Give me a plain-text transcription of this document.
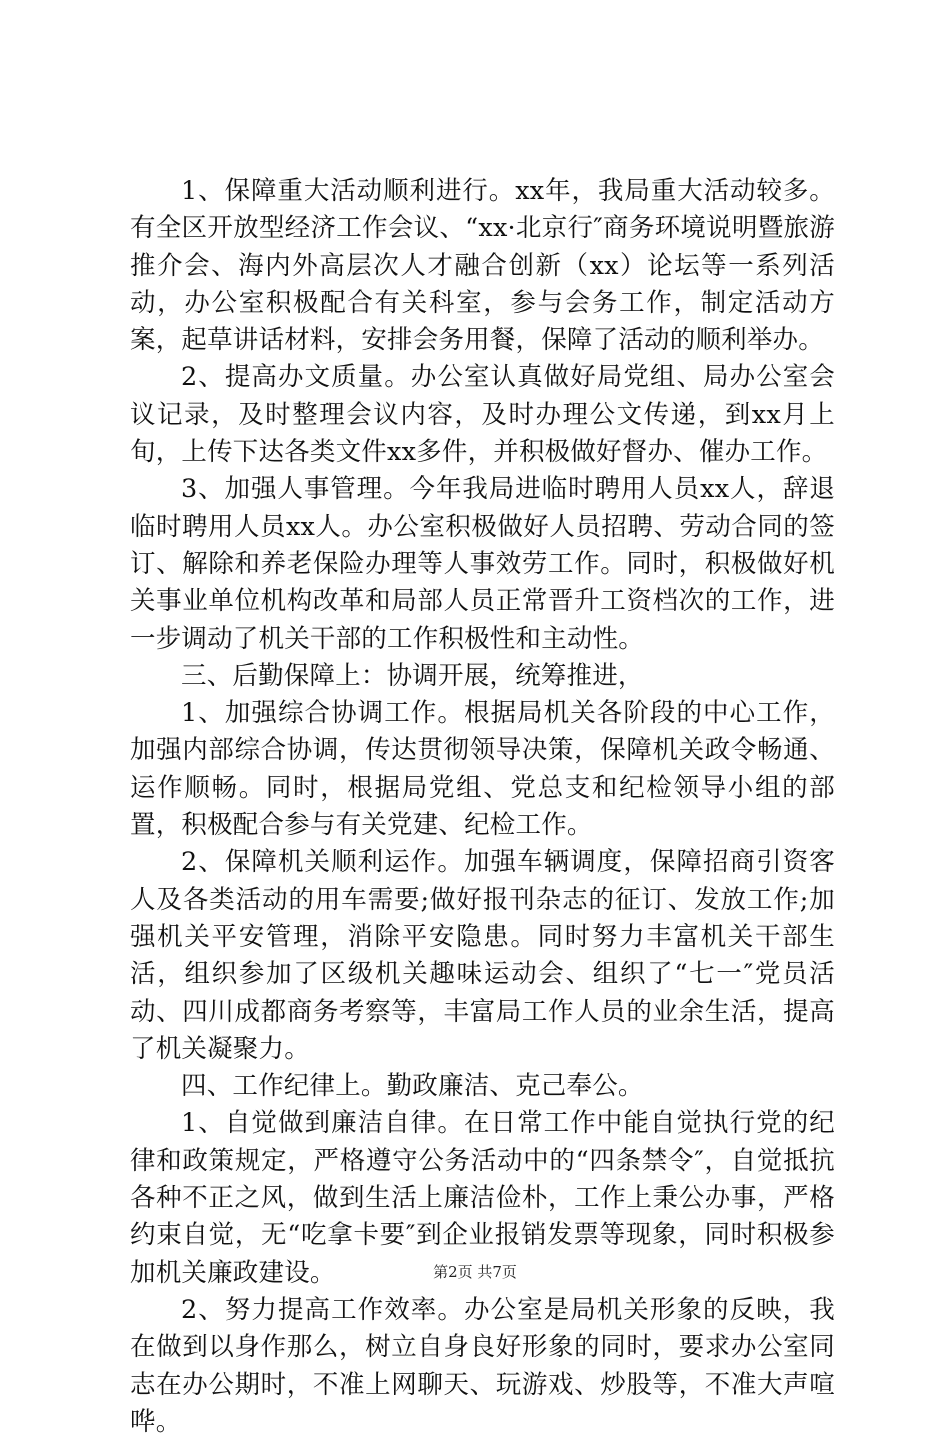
1、保障重大活动顺利进行。xx年，我局重大活动较多。有全区开放型经济工作会议、“xx·北京行″商务环境说明暨旅游推介会、海内外高层次人才融合创新（xx）论坛等一系列活动，办公室积极配合有关科室，参与会务工作，制定活动方案，起草讲话材料，安排会务用餐，保障了活动的顺利举办。

2、提高办文质量。办公室认真做好局党组、局办公室会议记录，及时整理会议内容，及时办理公文传递，到xx月上旬，上传下达各类文件xx多件，并积极做好督办、催办工作。

3、加强人事管理。今年我局进临时聘用人员xx人，辞退临时聘用人员xx人。办公室积极做好人员招聘、劳动合同的签订、解除和养老保险办理等人事效劳工作。同时，积极做好机关事业单位机构改革和局部人员正常晋升工资档次的工作，进一步调动了机关干部的工作积极性和主动性。

三、后勤保障上：协调开展，统筹推进，

1、加强综合协调工作。根据局机关各阶段的中心工作，加强内部综合协调，传达贯彻领导决策，保障机关政令畅通、运作顺畅。同时，根据局党组、党总支和纪检领导小组的部置，积极配合参与有关党建、纪检工作。

2、保障机关顺利运作。加强车辆调度，保障招商引资客人及各类活动的用车需要;做好报刊杂志的征订、发放工作;加强机关平安管理，消除平安隐患。同时努力丰富机关干部生活，组织参加了区级机关趣味运动会、组织了“七一″党员活动、四川成都商务考察等，丰富局工作人员的业余生活，提高了机关凝聚力。

四、工作纪律上。勤政廉洁、克己奉公。

1、自觉做到廉洁自律。在日常工作中能自觉执行党的纪律和政策规定，严格遵守公务活动中的“四条禁令″，自觉抵抗各种不正之风，做到生活上廉洁俭朴，工作上秉公办事，严格约束自觉，无“吃拿卡要″到企业报销发票等现象，同时积极参加机关廉政建设。

2、努力提高工作效率。办公室是局机关形象的反映，我在做到以身作那么，树立自身良好形象的同时，要求办公室同志在办公期时，不准上网聊天、玩游戏、炒股等，不准大声喧哗。

第2页 共7页
